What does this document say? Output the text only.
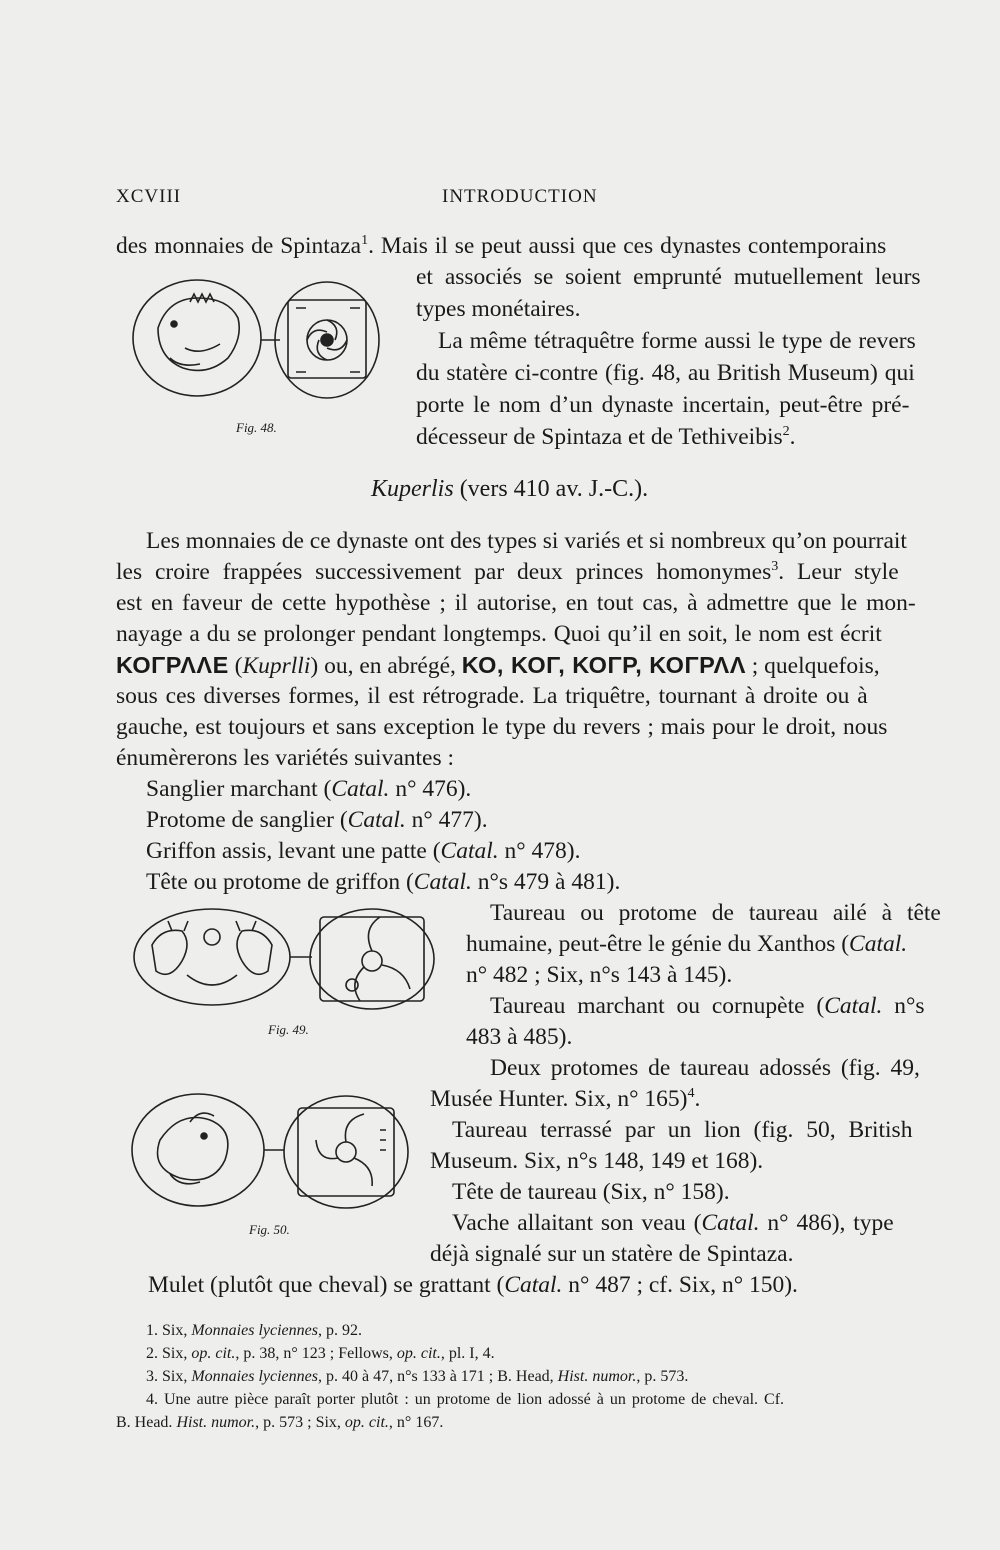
XCVIII	INTRODUCTION
des monnaies de Spintaza$^1$. Mais il se peut aussi que ces dynastes contemporains
et associés se soient emprunté mutuellement leurs
types monétaires.
La même tétraquêtre forme aussi le type de revers
du statère ci-contre (fig. 48, au British Museum) qui
porte le nom d’un dynaste incertain, peut-être pré-
décesseur de Spintaza et de Tethiveibis$^2$.
Fig. 48.
Kuperlis (vers 410 av. J.-C.).
Les monnaies de ce dynaste ont des types si variés et si nombreux qu’on pourrait
les croire frappées successivement par deux princes homonymes$^3$. Leur style
est en faveur de cette hypothèse ; il autorise, en tout cas, à admettre que le mon-
nayage a du se prolonger pendant longtemps. Quoi qu’il en soit, le nom est écrit
ΚΟΓΡΛΛΕ (Kuprlli) ou, en abrégé, ΚΟ, ΚΟΓ, ΚΟΓΡ, ΚΟΓΡΛΛ ; quelquefois,
sous ces diverses formes, il est rétrograde. La triquêtre, tournant à droite ou à
gauche, est toujours et sans exception le type du revers ; mais pour le droit, nous
énumèrerons les variétés suivantes :
Sanglier marchant (Catal. n° 476).
Protome de sanglier (Catal. n° 477).
Griffon assis, levant une patte (Catal. n° 478).
Tête ou protome de griffon (Catal. n°s 479 à 481).
Fig. 49.
Taureau ou protome de taureau ailé à tête
humaine, peut-être le génie du Xanthos (Catal.
n° 482 ; Six, n°s 143 à 145).
Taureau marchant ou cornupète (Catal. n°s
483 à 485).
Deux protomes de taureau adossés (fig. 49,
Musée Hunter. Six, n° 165)$^4$.
Taureau terrassé par un lion (fig. 50, British
Fig. 50.
Museum. Six, n°s 148, 149 et 168).
Tête de taureau (Six, n° 158).
Vache allaitant son veau (Catal. n° 486), type
déjà signalé sur un statère de Spintaza.
Mulet (plutôt que cheval) se grattant (Catal. n° 487 ; cf. Six, n° 150).
1. Six, Monnaies lyciennes, p. 92.
2. Six, op. cit., p. 38, n° 123 ; Fellows, op. cit., pl. I, 4.
3. Six, Monnaies lyciennes, p. 40 à 47, n°s 133 à 171 ; B. Head, Hist. numor., p. 573.
4. Une autre pièce paraît porter plutôt : un protome de lion adossé à un protome de cheval. Cf.
B. Head. Hist. numor., p. 573 ; Six, op. cit., n° 167.
